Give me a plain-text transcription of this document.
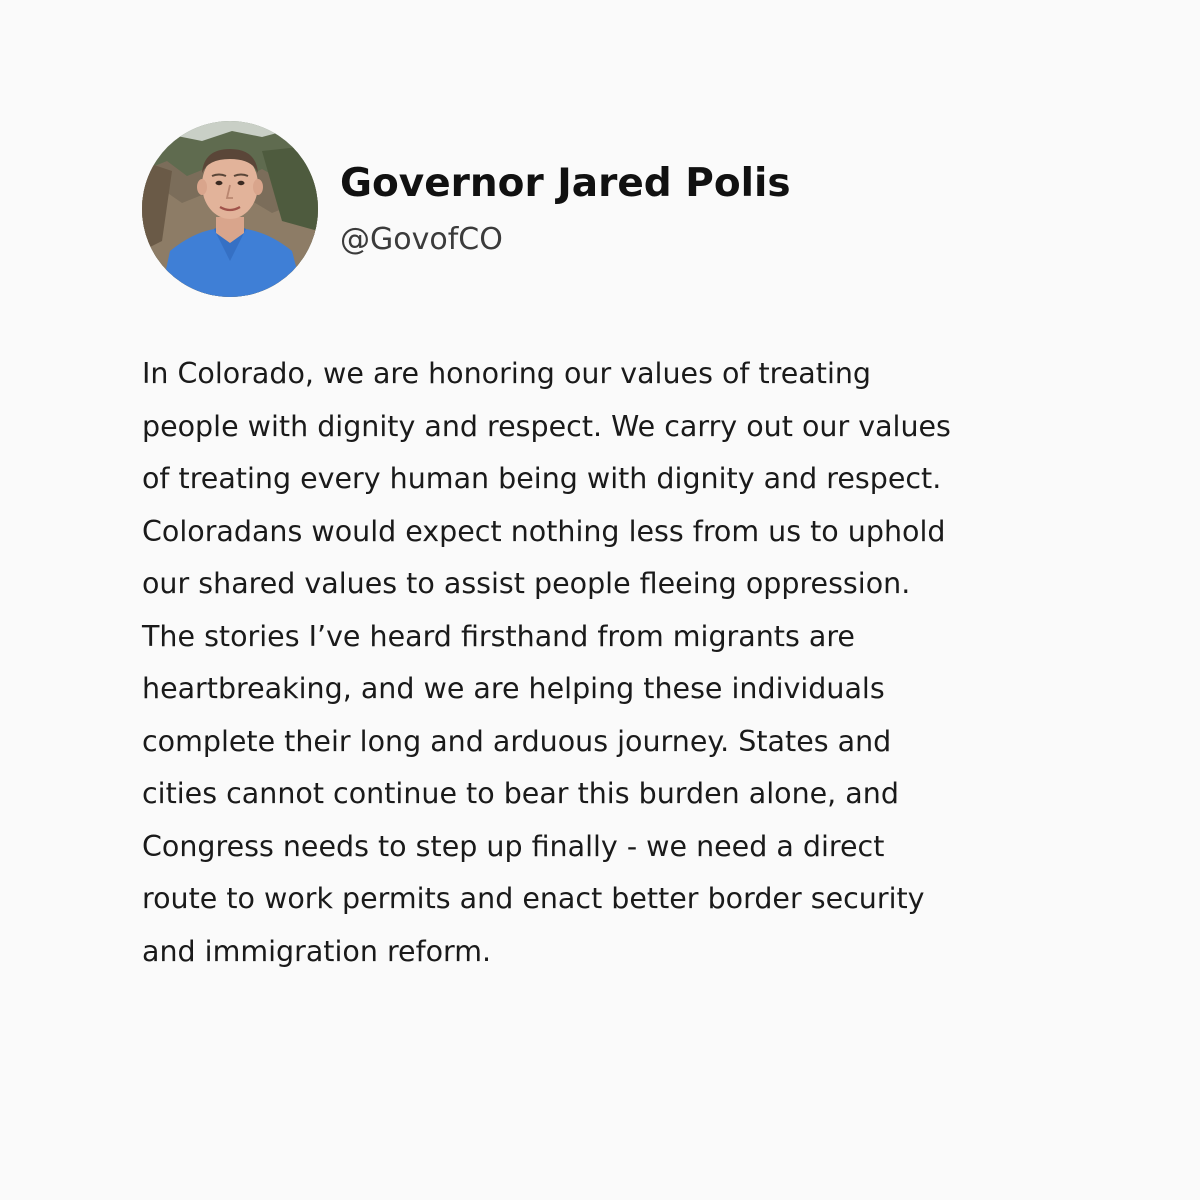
Governor Jared Polis
@GovofCO
In Colorado, we are honoring our values of treating
people with dignity and respect. We carry out our values
of treating every human being with dignity and respect.
Coloradans would expect nothing less from us to uphold
our shared values to assist people fleeing oppression.
The stories I’ve heard firsthand from migrants are
heartbreaking, and we are helping these individuals
complete their long and arduous journey. States and
cities cannot continue to bear this burden alone, and
Congress needs to step up finally - we need a direct
route to work permits and enact better border security
and immigration reform.
